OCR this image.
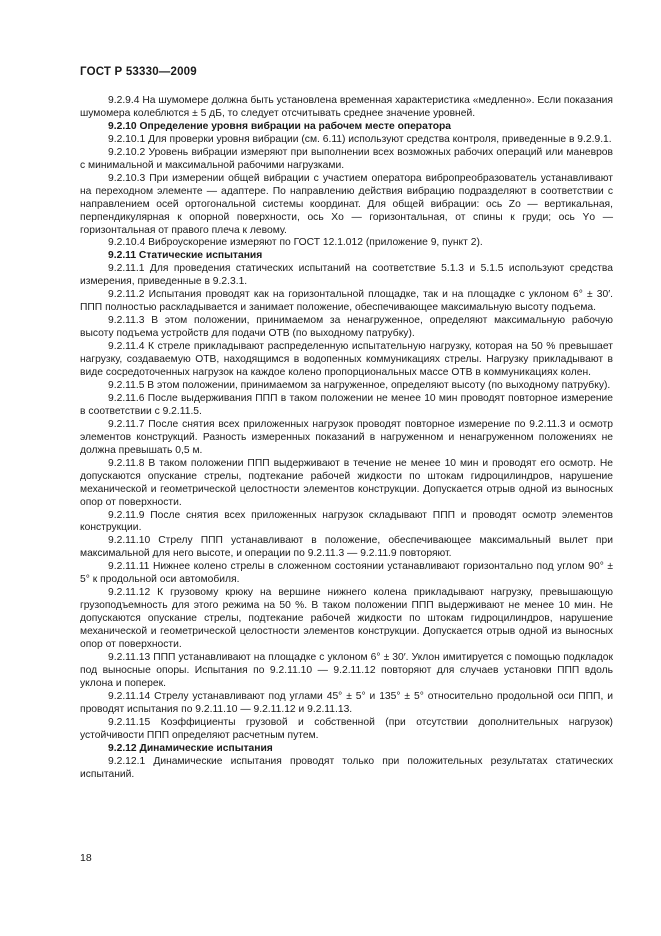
ГОСТ Р 53330—2009

9.2.9.4 На шумомере должна быть установлена временная характеристика «медленно». Если показания шумомера колеблются ± 5 дБ, то следует отсчитывать среднее значение уровней.

9.2.10 Определение уровня вибрации на рабочем месте оператора

9.2.10.1 Для проверки уровня вибрации (см. 6.11) используют средства контроля, приведенные в 9.2.9.1.

9.2.10.2 Уровень вибрации измеряют при выполнении всех возможных рабочих операций или маневров с минимальной и максимальной рабочими нагрузками.

9.2.10.3 При измерении общей вибрации с участием оператора вибропреобразователь устанавливают на переходном элементе — адаптере. По направлению действия вибрацию подразделяют в соответствии с направлением осей ортогональной системы координат. Для общей вибрации: ось Zо — вертикальная, перпендикулярная к опорной поверхности, ось Xо — горизонтальная, от спины к груди; ось Yо — горизонтальная от правого плеча к левому.

9.2.10.4 Виброускорение измеряют по ГОСТ 12.1.012 (приложение 9, пункт 2).

9.2.11 Статические испытания

9.2.11.1 Для проведения статических испытаний на соответствие 5.1.3 и 5.1.5 используют средства измерения, приведенные в 9.2.3.1.

9.2.11.2 Испытания проводят как на горизонтальной площадке, так и на площадке с уклоном 6° ± 30′. ППП полностью раскладывается и занимает положение, обеспечивающее максимальную высоту подъема.

9.2.11.3 В этом положении, принимаемом за ненагруженное, определяют максимальную рабочую высоту подъема устройств для подачи ОТВ (по выходному патрубку).

9.2.11.4 К стреле прикладывают распределенную испытательную нагрузку, которая на 50 % превышает нагрузку, создаваемую ОТВ, находящимся в водопенных коммуникациях стрелы. Нагрузку прикладывают в виде сосредоточенных нагрузок на каждое колено пропорциональных массе ОТВ в коммуникациях колен.

9.2.11.5 В этом положении, принимаемом за нагруженное, определяют высоту (по выходному патрубку).

9.2.11.6 После выдерживания ППП в таком положении не менее 10 мин проводят повторное измерение в соответствии с 9.2.11.5.

9.2.11.7 После снятия всех приложенных нагрузок проводят повторное измерение по 9.2.11.3 и осмотр элементов конструкций. Разность измеренных показаний в нагруженном и ненагруженном положениях не должна превышать 0,5 м.

9.2.11.8 В таком положении ППП выдерживают в течение не менее 10 мин и проводят его осмотр. Не допускаются опускание стрелы, подтекание рабочей жидкости по штокам гидроцилиндров, нарушение механической и геометрической целостности элементов конструкции. Допускается отрыв одной из выносных опор от поверхности.

9.2.11.9 После снятия всех приложенных нагрузок складывают ППП и проводят осмотр элементов конструкции.

9.2.11.10 Стрелу ППП устанавливают в положение, обеспечивающее максимальный вылет при максимальной для него высоте, и операции по 9.2.11.3 — 9.2.11.9 повторяют.

9.2.11.11 Нижнее колено стрелы в сложенном состоянии устанавливают горизонтально под углом 90° ± 5° к продольной оси автомобиля.

9.2.11.12 К грузовому крюку на вершине нижнего колена прикладывают нагрузку, превышающую грузоподъемность для этого режима на 50 %. В таком положении ППП выдерживают не менее 10 мин. Не допускаются опускание стрелы, подтекание рабочей жидкости по штокам гидроцилиндров, нарушение механической и геометрической целостности элементов конструкции. Допускается отрыв одной из выносных опор от поверхности.

9.2.11.13 ППП устанавливают на площадке с уклоном 6° ± 30′. Уклон имитируется с помощью подкладок под выносные опоры. Испытания по 9.2.11.10 — 9.2.11.12 повторяют для случаев установки ППП вдоль уклона и поперек.

9.2.11.14 Стрелу устанавливают под углами 45° ± 5° и 135° ± 5° относительно продольной оси ППП, и проводят испытания по 9.2.11.10 — 9.2.11.12 и 9.2.11.13.

9.2.11.15 Коэффициенты грузовой и собственной (при отсутствии дополнительных нагрузок) устойчивости ППП определяют расчетным путем.

9.2.12 Динамические испытания

9.2.12.1 Динамические испытания проводят только при положительных результатах статических испытаний.

18
